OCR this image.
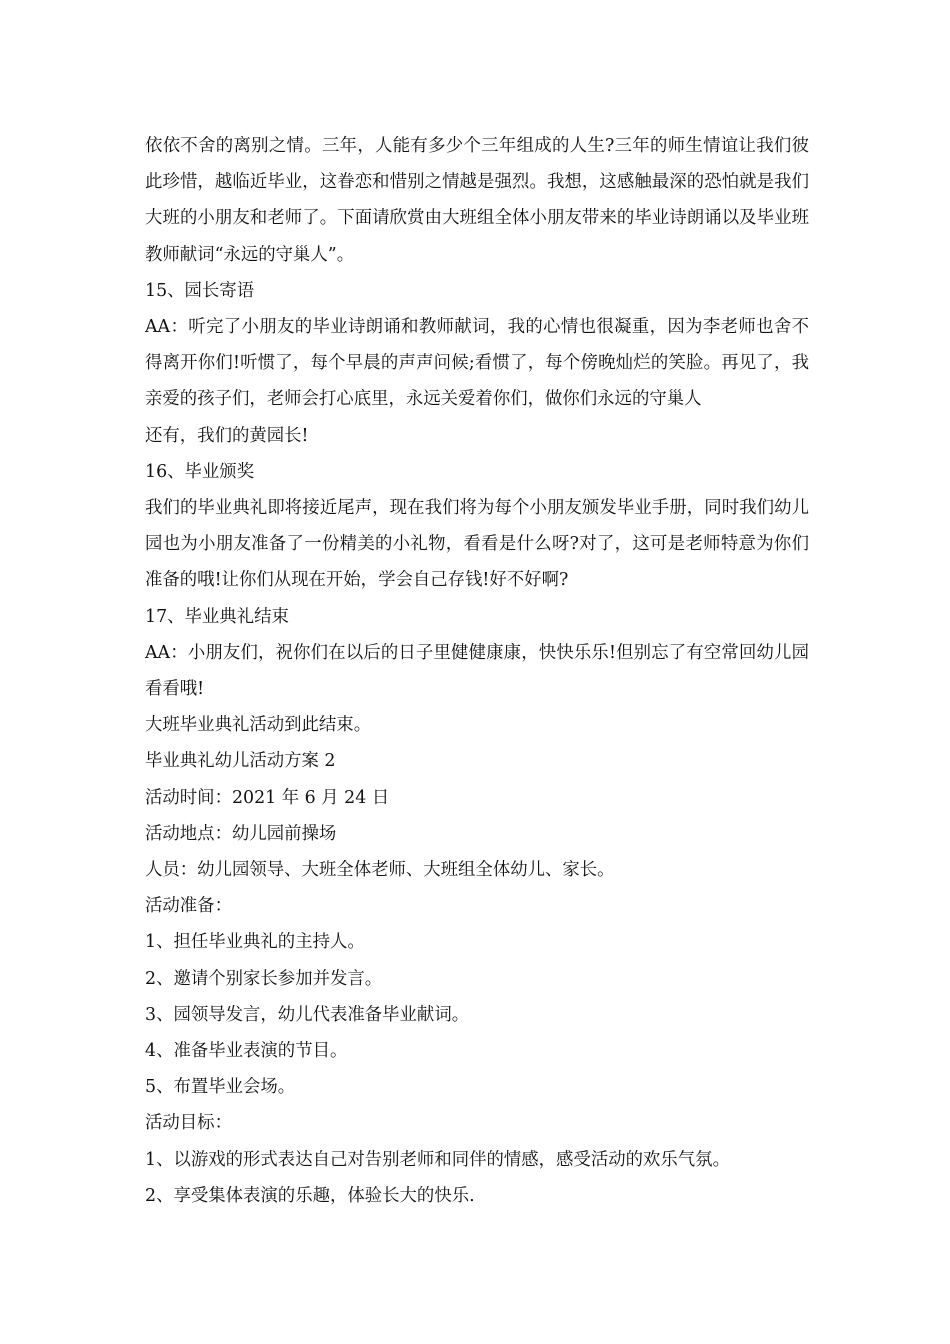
依依不舍的离别之情。三年，人能有多少个三年组成的人生?三年的师生情谊让我们彼此珍惜，越临近毕业，这眷恋和惜别之情越是强烈。我想，这感触最深的恐怕就是我们大班的小朋友和老师了。下面请欣赏由大班组全体小朋友带来的毕业诗朗诵以及毕业班教师献词“永远的守巢人”。

15、园长寄语

AA：听完了小朋友的毕业诗朗诵和教师献词，我的心情也很凝重，因为李老师也舍不得离开你们!听惯了，每个早晨的声声问候;看惯了，每个傍晚灿烂的笑脸。再见了，我亲爱的孩子们，老师会打心底里，永远关爱着你们，做你们永远的守巢人

还有，我们的黄园长!

16、毕业颁奖

我们的毕业典礼即将接近尾声，现在我们将为每个小朋友颁发毕业手册，同时我们幼儿园也为小朋友准备了一份精美的小礼物，看看是什么呀?对了，这可是老师特意为你们准备的哦!让你们从现在开始，学会自己存钱!好不好啊?

17、毕业典礼结束

AA：小朋友们，祝你们在以后的日子里健健康康，快快乐乐!但别忘了有空常回幼儿园看看哦!

大班毕业典礼活动到此结束。

毕业典礼幼儿活动方案 2

活动时间：2021 年 6 月 24 日

活动地点：幼儿园前操场

人员：幼儿园领导、大班全体老师、大班组全体幼儿、家长。

活动准备：

1、担任毕业典礼的主持人。

2、邀请个别家长参加并发言。

3、园领导发言，幼儿代表准备毕业献词。

4、准备毕业表演的节目。

5、布置毕业会场。

活动目标：

1、以游戏的形式表达自己对告别老师和同伴的情感，感受活动的欢乐气氛。

2、享受集体表演的乐趣，体验长大的快乐.
